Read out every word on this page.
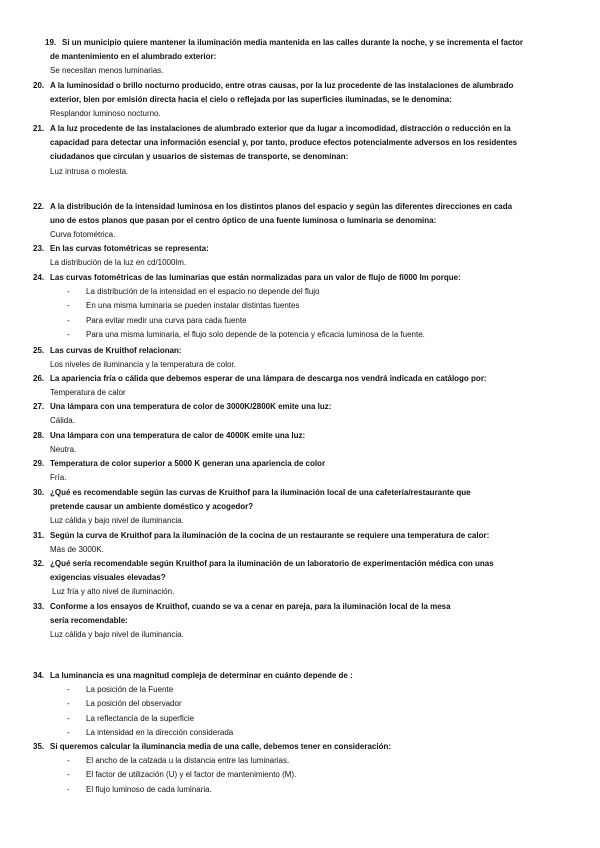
19. Si un municipio quiere mantener la iluminación media mantenida en las calles durante la noche, y se incrementa el factor
de mantenimiento en el alumbrado exterior:
Se necesitan menos luminarias.
20. A la luminosidad o brillo nocturno producido, entre otras causas, por la luz procedente de las instalaciones de alumbrado
exterior, bien por emisión directa hacia el cielo o reflejada por las superficies iluminadas, se le denomina:
Resplandor luminoso nocturno.
21. A la luz procedente de las instalaciones de alumbrado exterior que da lugar a incomodidad, distracción o reducción en la
capacidad para detectar una información esencial y, por tanto, produce efectos potencialmente adversos en los residentes
ciudadanos que circulan y usuarios de sistemas de transporte, se denominan:
Luz intrusa o molesta.
22. A la distribución de la intensidad luminosa en los distintos planos del espacio y según las diferentes direcciones en cada
uno de estos planos que pasan por el centro óptico de una fuente luminosa o luminaria se denomina:
Curva fotométrica.
23. En las curvas fotométricas se representa:
La distribución de la luz en cd/1000lm.
24. Las curvas fotométricas de las luminarias que están normalizadas para un valor de flujo de fi000 lm porque:
- La distribución de la intensidad en el espacio no depende del flujo
- En una misma luminaria se pueden instalar distintas fuentes
- Para evitar medir una curva para cada fuente
- Para una misma luminaria, el flujo solo depende de la potencia y eficacia luminosa de la fuente.
25. Las curvas de Kruithof relacionan:
Los niveles de iluminancia y la temperatura de color.
26. La apariencia fría o cálida que debemos esperar de una lámpara de descarga nos vendrá indicada en catálogo por:
Temperatura de calor
27. Una lámpara con una temperatura de color de 3000K/2800K emite una luz:
Cálida.
28. Una lámpara con una temperatura de calor de 4000K emite una luz:
Neutra.
29. Temperatura de color superior a 5000 K generan una apariencia de color
Fría.
30. ¿Qué es recomendable según las curvas de Kruithof para la iluminación local de una cafetería/restaurante que
pretende causar un ambiente doméstico y acogedor?
Luz cálida y bajo nivel de iluminancia.
31. Según la curva de Kruithof para la iluminación de la cocina de un restaurante se requiere una temperatura de calor:
Más de 3000K.
32. ¿Qué sería recomendable según Kruithof para la iluminación de un laboratorio de experimentación médica con unas
exigencias visuales elevadas?
Luz fría y alto nivel de iluminación.
33. Conforme a los ensayos de Kruithof, cuando se va a cenar en pareja, para la iluminación local de la mesa
sería recomendable:
Luz cálida y bajo nivel de iluminancia.
34. La luminancia es una magnitud compleja de determinar en cuánto depende de :
- La posición de la Fuente
- La posición del observador
- La reflectancia de la superficie
- La intensidad en la dirección considerada
35. Si queremos calcular la iluminancia media de una calle, debemos tener en consideración:
- El ancho de la calzada u la distancia entre las luminarias.
- El factor de utilización (U) y el factor de mantenimiento (M).
- El flujo luminoso de cada luminaria.
